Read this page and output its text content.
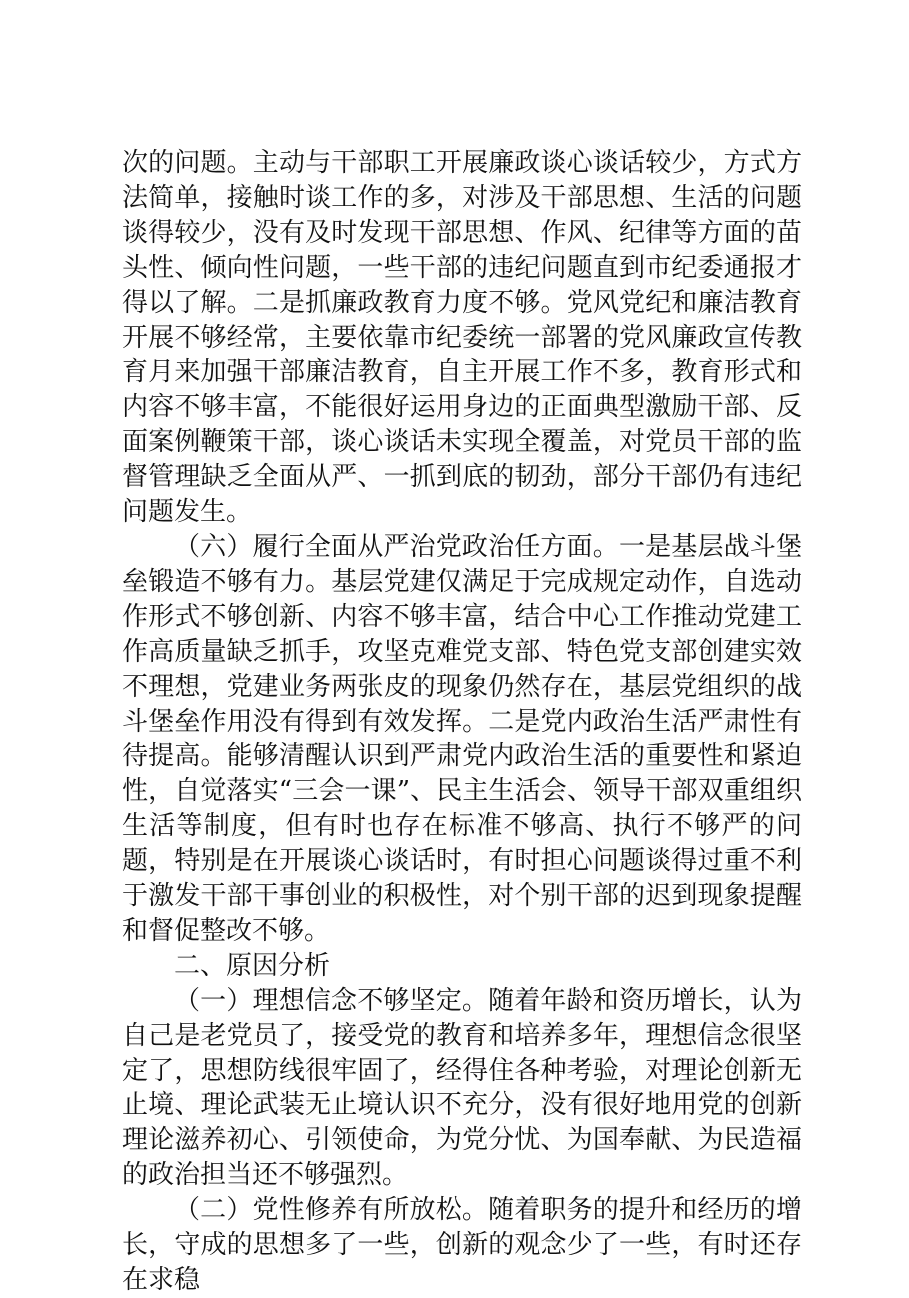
次的问题。主动与干部职工开展廉政谈心谈话较少，方式方法简单，接触时谈工作的多，对涉及干部思想、生活的问题谈得较少，没有及时发现干部思想、作风、纪律等方面的苗头性、倾向性问题，一些干部的违纪问题直到市纪委通报才得以了解。二是抓廉政教育力度不够。党风党纪和廉洁教育开展不够经常，主要依靠市纪委统一部署的党风廉政宣传教育月来加强干部廉洁教育，自主开展工作不多，教育形式和内容不够丰富，不能很好运用身边的正面典型激励干部、反面案例鞭策干部，谈心谈话未实现全覆盖，对党员干部的监督管理缺乏全面从严、一抓到底的韧劲，部分干部仍有违纪问题发生。

（六）履行全面从严治党政治任方面。一是基层战斗堡垒锻造不够有力。基层党建仅满足于完成规定动作，自选动作形式不够创新、内容不够丰富，结合中心工作推动党建工作高质量缺乏抓手，攻坚克难党支部、特色党支部创建实效不理想，党建业务两张皮的现象仍然存在，基层党组织的战斗堡垒作用没有得到有效发挥。二是党内政治生活严肃性有待提高。能够清醒认识到严肃党内政治生活的重要性和紧迫性，自觉落实“三会一课”、民主生活会、领导干部双重组织生活等制度，但有时也存在标准不够高、执行不够严的问题，特别是在开展谈心谈话时，有时担心问题谈得过重不利于激发干部干事创业的积极性，对个别干部的迟到现象提醒和督促整改不够。

二、原因分析

（一）理想信念不够坚定。随着年龄和资历增长，认为自己是老党员了，接受党的教育和培养多年，理想信念很坚定了，思想防线很牢固了，经得住各种考验，对理论创新无止境、理论武装无止境认识不充分，没有很好地用党的创新理论滋养初心、引领使命，为党分忧、为国奉献、为民造福的政治担当还不够强烈。

（二）党性修养有所放松。随着职务的提升和经历的增长，守成的思想多了一些，创新的观念少了一些，有时还存在求稳
